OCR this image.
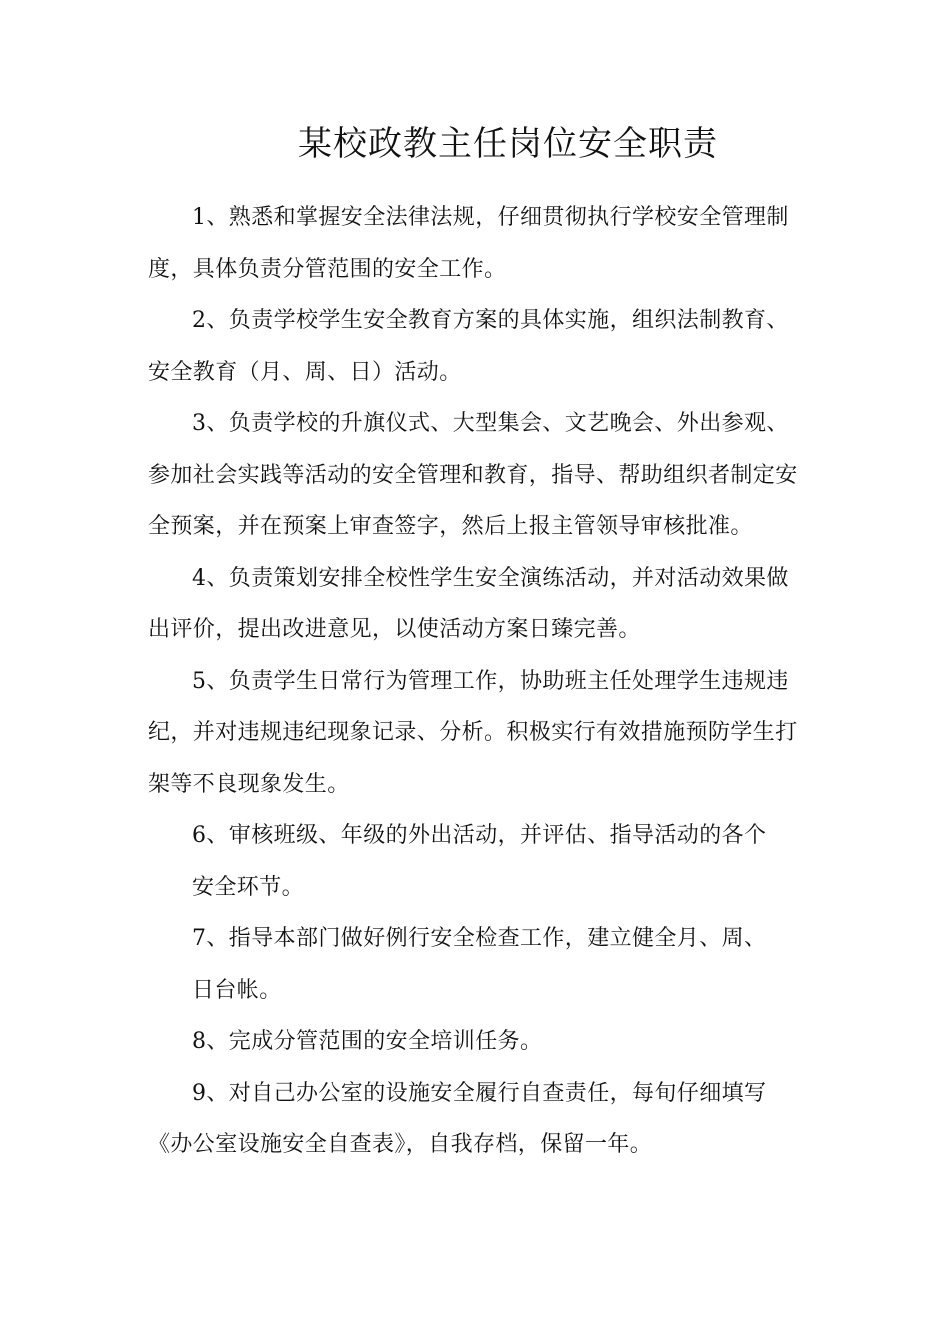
某校政教主任岗位安全职责

1、熟悉和掌握安全法律法规，仔细贯彻执行学校安全管理制
度，具体负责分管范围的安全工作。

2、负责学校学生安全教育方案的具体实施，组织法制教育、
安全教育（月、周、日）活动。

3、负责学校的升旗仪式、大型集会、文艺晚会、外出参观、
参加社会实践等活动的安全管理和教育，指导、帮助组织者制定安
全预案，并在预案上审查签字，然后上报主管领导审核批准。

4、负责策划安排全校性学生安全演练活动，并对活动效果做
出评价，提出改进意见，以使活动方案日臻完善。

5、负责学生日常行为管理工作，协助班主任处理学生违规违
纪，并对违规违纪现象记录、分析。积极实行有效措施预防学生打
架等不良现象发生。

6、审核班级、年级的外出活动，并评估、指导活动的各个
安全环节。

7、指导本部门做好例行安全检查工作，建立健全月、周、
日台帐。

8、完成分管范围的安全培训任务。

9、对自己办公室的设施安全履行自查责任，每旬仔细填写
《办公室设施安全自查表》，自我存档，保留一年。
